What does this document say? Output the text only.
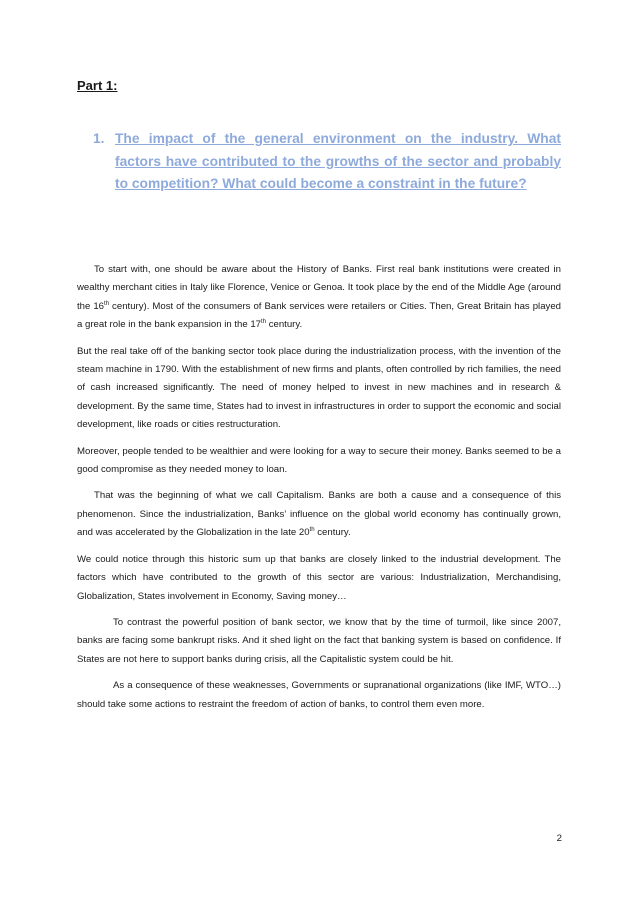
Part 1:

1. The impact of the general environment on the industry. What factors have contributed to the growths of the sector and probably to competition? What could become a constraint in the future?

To start with, one should be aware about the History of Banks. First real bank institutions were created in wealthy merchant cities in Italy like Florence, Venice or Genoa. It took place by the end of the Middle Age (around the 16th century). Most of the consumers of Bank services were retailers or Cities. Then, Great Britain has played a great role in the bank expansion in the 17th century.

But the real take off of the banking sector took place during the industrialization process, with the invention of the steam machine in 1790. With the establishment of new firms and plants, often controlled by rich families, the need of cash increased significantly. The need of money helped to invest in new machines and in research & development. By the same time, States had to invest in infrastructures in order to support the economic and social development, like roads or cities restructuration.

Moreover, people tended to be wealthier and were looking for a way to secure their money. Banks seemed to be a good compromise as they needed money to loan.

That was the beginning of what we call Capitalism. Banks are both a cause and a consequence of this phenomenon. Since the industrialization, Banks’ influence on the global world economy has continually grown, and was accelerated by the Globalization in the late 20th century.

We could notice through this historic sum up that banks are closely linked to the industrial development. The factors which have contributed to the growth of this sector are various: Industrialization, Merchandising, Globalization, States involvement in Economy, Saving money…

To contrast the powerful position of bank sector, we know that by the time of turmoil, like since 2007, banks are facing some bankrupt risks. And it shed light on the fact that banking system is based on confidence. If States are not here to support banks during crisis, all the Capitalistic system could be hit.

As a consequence of these weaknesses, Governments or supranational organizations (like IMF, WTO…) should take some actions to restraint the freedom of action of banks, to control them even more.

2
